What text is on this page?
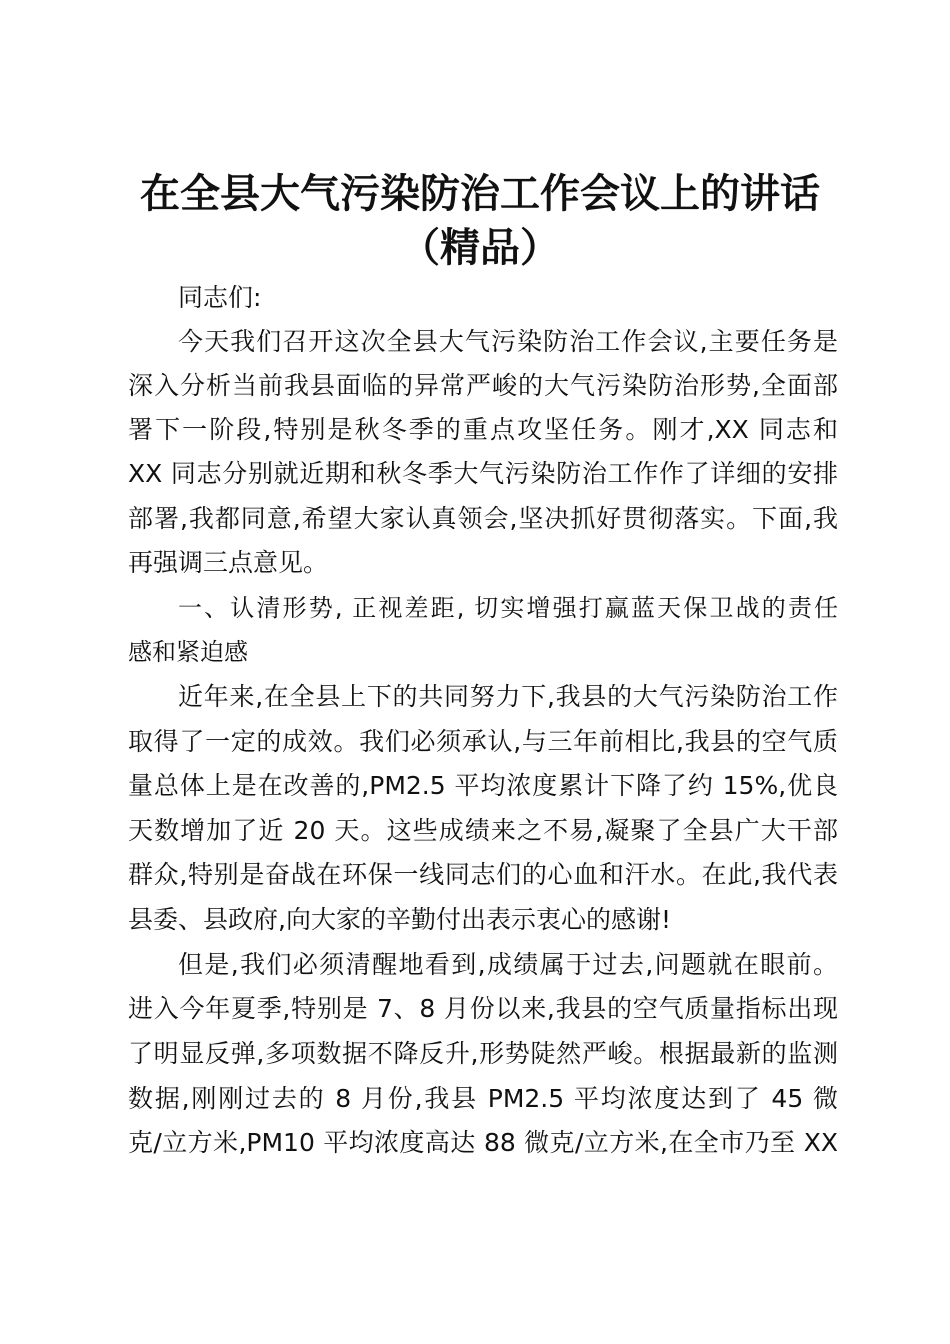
在全县大气污染防治工作会议上的讲话
（精品）

同志们:

今天我们召开这次全县大气污染防治工作会议,主要任务是

深入分析当前我县面临的异常严峻的大气污染防治形势,全面部

署下一阶段,特别是秋冬季的重点攻坚任务。刚才,XX 同志和

XX 同志分别就近期和秋冬季大气污染防治工作作了详细的安排

部署,我都同意,希望大家认真领会,坚决抓好贯彻落实。下面,我

再强调三点意见。

一、认清形势, 正视差距, 切实增强打赢蓝天保卫战的责任

感和紧迫感

近年来,在全县上下的共同努力下,我县的大气污染防治工作

取得了一定的成效。我们必须承认,与三年前相比,我县的空气质

量总体上是在改善的,PM2.5 平均浓度累计下降了约 15%,优良

天数增加了近 20 天。这些成绩来之不易,凝聚了全县广大干部

群众,特别是奋战在环保一线同志们的心血和汗水。在此,我代表

县委、县政府,向大家的辛勤付出表示衷心的感谢!

但是,我们必须清醒地看到,成绩属于过去,问题就在眼前。

进入今年夏季,特别是 7、8 月份以来,我县的空气质量指标出现

了明显反弹,多项数据不降反升,形势陡然严峻。根据最新的监测

数据,刚刚过去的 8 月份,我县 PM2.5 平均浓度达到了 45 微

克/立方米,PM10 平均浓度高达 88 微克/立方米,在全市乃至 XX
